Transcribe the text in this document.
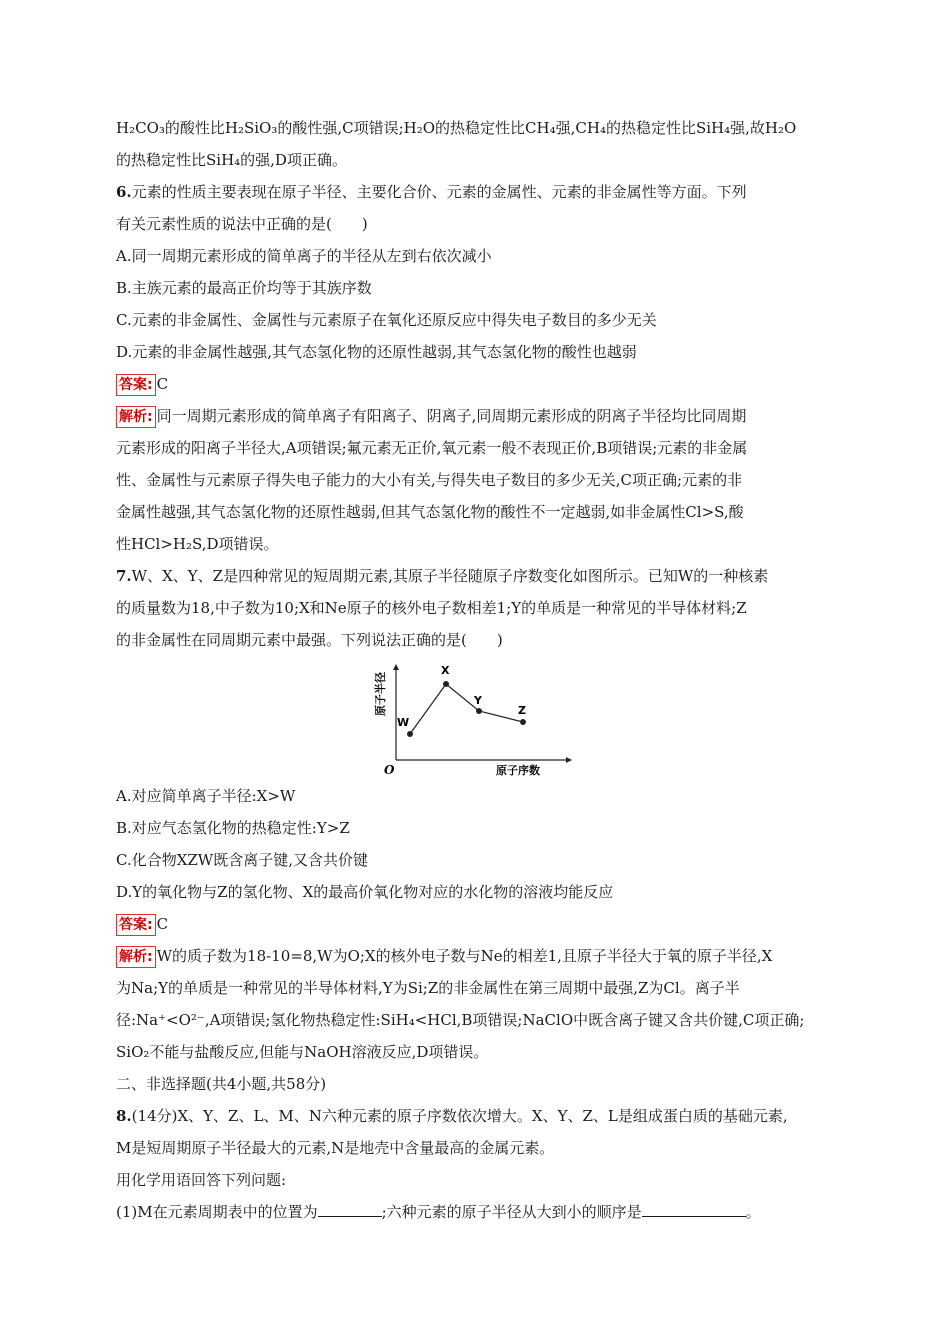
H₂CO₃的酸性比H₂SiO₃的酸性强,C项错误;H₂O的热稳定性比CH₄强,CH₄的热稳定性比SiH₄强,故H₂O

的热稳定性比SiH₄的强,D项正确。

6.元素的性质主要表现在原子半径、主要化合价、元素的金属性、元素的非金属性等方面。下列

有关元素性质的说法中正确的是(　　)

A.同一周期元素形成的简单离子的半径从左到右依次减小

B.主族元素的最高正价均等于其族序数

C.元素的非金属性、金属性与元素原子在氧化还原反应中得失电子数目的多少无关

D.元素的非金属性越强,其气态氢化物的还原性越弱,其气态氢化物的酸性也越弱

答案: C

解析: 同一周期元素形成的简单离子有阳离子、阴离子,同周期元素形成的阴离子半径均比同周期

元素形成的阳离子半径大,A项错误;氟元素无正价,氧元素一般不表现正价,B项错误;元素的非金属

性、金属性与元素原子得失电子能力的大小有关,与得失电子数目的多少无关,C项正确;元素的非

金属性越强,其气态氢化物的还原性越弱,但其气态氢化物的酸性不一定越弱,如非金属性Cl>S,酸

性HCl>H₂S,D项错误。

7.W、X、Y、Z是四种常见的短周期元素,其原子半径随原子序数变化如图所示。已知W的一种核素

的质量数为18,中子数为10;X和Ne原子的核外电子数相差1;Y的单质是一种常见的半导体材料;Z

的非金属性在同周期元素中最强。下列说法正确的是(　　)

原子半径
原子序数
O
W
X
Y
Z

A.对应简单离子半径:X>W

B.对应气态氢化物的热稳定性:Y>Z

C.化合物XZW既含离子键,又含共价键

D.Y的氧化物与Z的氢化物、X的最高价氧化物对应的水化物的溶液均能反应

答案: C

解析: W的质子数为18-10=8,W为O;X的核外电子数与Ne的相差1,且原子半径大于氧的原子半径,X

为Na;Y的单质是一种常见的半导体材料,Y为Si;Z的非金属性在第三周期中最强,Z为Cl。离子半

径:Na⁺<O²⁻,A项错误;氢化物热稳定性:SiH₄<HCl,B项错误;NaClO中既含离子键又含共价键,C项正确;

SiO₂不能与盐酸反应,但能与NaOH溶液反应,D项错误。

二、非选择题(共4小题,共58分)

8.(14分)X、Y、Z、L、M、N六种元素的原子序数依次增大。X、Y、Z、L是组成蛋白质的基础元素,

M是短周期原子半径最大的元素,N是地壳中含量最高的金属元素。

用化学用语回答下列问题:

(1)M在元素周期表中的位置为	;六种元素的原子半径从大到小的顺序是	。
